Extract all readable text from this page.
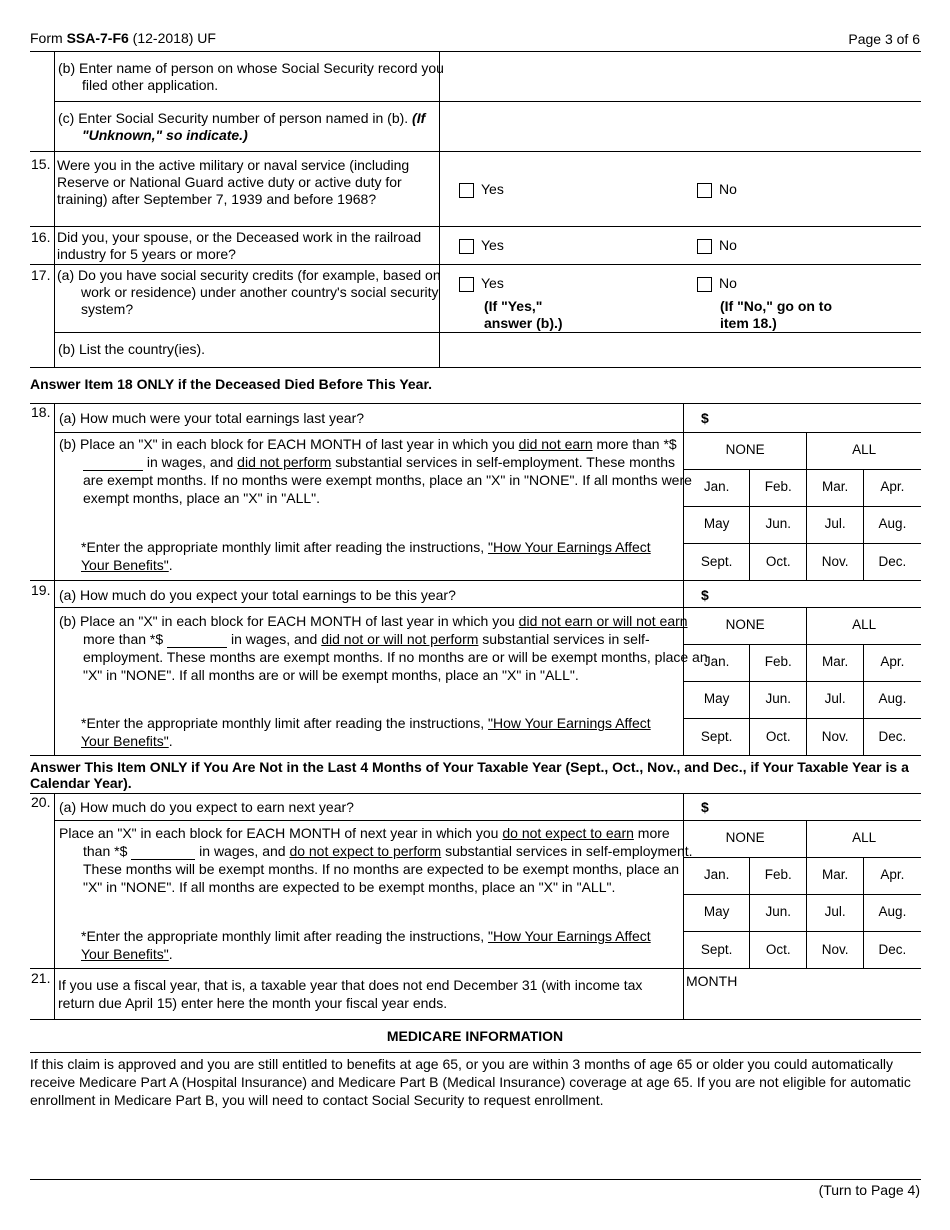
Form SSA-7-F6 (12-2018) UF	Page 3 of 6
(b) Enter name of person on whose Social Security record you filed other application.
(c) Enter Social Security number of person named in (b). (If "Unknown," so indicate.)
15. Were you in the active military or naval service (including Reserve or National Guard active duty or active duty for training) after September 7, 1939 and before 1968?
Yes	No
16. Did you, your spouse, or the Deceased work in the railroad industry for 5 years or more?
Yes	No
17. (a) Do you have social security credits (for example, based on work or residence) under another country's social security system?
Yes
(If "Yes," answer (b).)
No
(If "No," go on to item 18.)
(b) List the country(ies).
Answer Item 18 ONLY if the Deceased Died Before This Year.
18. (a) How much were your total earnings last year?	$
(b) Place an "X" in each block for EACH MONTH of last year in which you did not earn more than *$  in wages, and did not perform substantial services in self-employment. These months are exempt months. If no months were exempt months, place an "X" in "NONE". If all months were exempt months, place an "X" in "ALL".
*Enter the appropriate monthly limit after reading the instructions, "How Your Earnings Affect Your Benefits".
NONE		ALL	
Jan.	Feb.	Mar.	Apr.
May	Jun.	Jul.	Aug.
Sept.	Oct.	Nov.	Dec.
19. (a) How much do you expect your total earnings to be this year?	$
(b) Place an "X" in each block for EACH MONTH of last year in which you did not earn or will not earn more than *$	in wages, and did not or will not perform substantial services in self-employment. These months are exempt months. If no months are or will be exempt months, place an "X" in "NONE". If all months are or will be exempt months, place an "X" in "ALL".
*Enter the appropriate monthly limit after reading the instructions, "How Your Earnings Affect Your Benefits".
NONE		ALL	
Jan.	Feb.	Mar.	Apr.
May	Jun.	Jul.	Aug.
Sept.	Oct.	Nov.	Dec.
Answer This Item ONLY if You Are Not in the Last 4 Months of Your Taxable Year (Sept., Oct., Nov., and Dec., if Your Taxable Year is a Calendar Year).
20. (a) How much do you expect to earn next year?	$
Place an "X" in each block for EACH MONTH of next year in which you do not expect to earn more than *$	in wages, and do not expect to perform substantial services in self-employment. These months will be exempt months. If no months are expected to be exempt months, place an "X" in "NONE". If all months are expected to be exempt months, place an "X" in "ALL".
*Enter the appropriate monthly limit after reading the instructions, "How Your Earnings Affect Your Benefits".
NONE		ALL	
Jan.	Feb.	Mar.	Apr.
May	Jun.	Jul.	Aug.
Sept.	Oct.	Nov.	Dec.
21. If you use a fiscal year, that is, a taxable year that does not end December 31 (with income tax return due April 15) enter here the month your fiscal year ends.
MONTH
MEDICARE INFORMATION
If this claim is approved and you are still entitled to benefits at age 65, or you are within 3 months of age 65 or older you could automatically receive Medicare Part A (Hospital Insurance) and Medicare Part B (Medical Insurance) coverage at age 65. If you are not eligible for automatic enrollment in Medicare Part B, you will need to contact Social Security to request enrollment.
(Turn to Page 4)
